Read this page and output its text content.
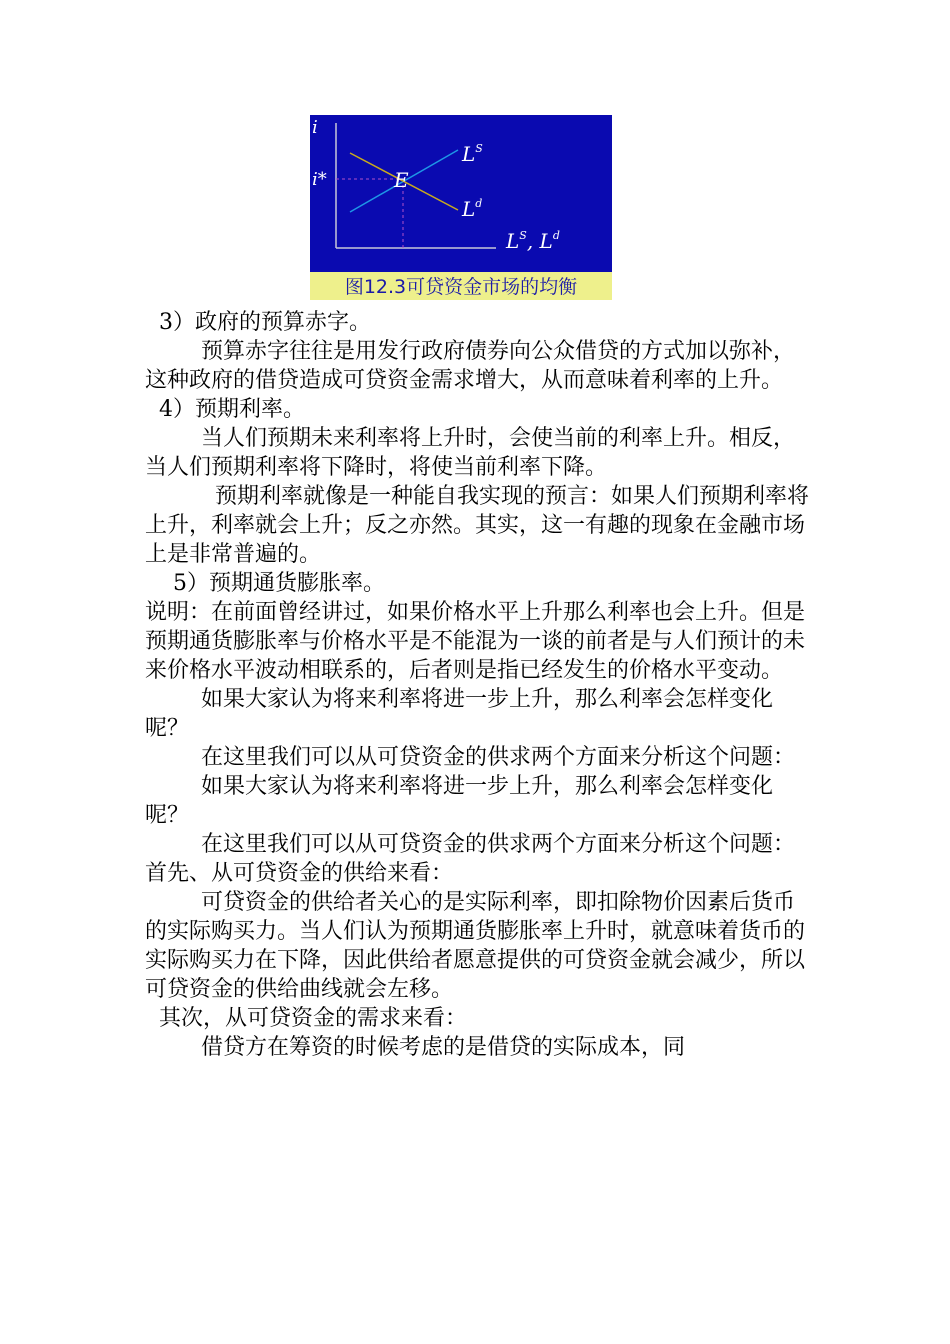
i
i*	E
$L^S$
$L^d$
$L^S$, $L^d$
图12.3可贷资金市场的均衡

3）政府的预算赤字。

预算赤字往往是用发行政府债券向公众借贷的方式加以弥补，这种政府的借贷造成可贷资金需求增大，从而意味着利率的上升。

4）预期利率。

当人们预期未来利率将上升时，会使当前的利率上升。相反，当人们预期利率将下降时，将使当前利率下降。

预期利率就像是一种能自我实现的预言：如果人们预期利率将上升，利率就会上升；反之亦然。其实，这一有趣的现象在金融市场上是非常普遍的。

5）预期通货膨胀率。

说明：在前面曾经讲过，如果价格水平上升那么利率也会上升。但是预期通货膨胀率与价格水平是不能混为一谈的前者是与人们预计的未来价格水平波动相联系的，后者则是指已经发生的价格水平变动。

如果大家认为将来利率将进一步上升，那么利率会怎样变化呢？

在这里我们可以从可贷资金的供求两个方面来分析这个问题：

如果大家认为将来利率将进一步上升，那么利率会怎样变化呢？

在这里我们可以从可贷资金的供求两个方面来分析这个问题：

首先、从可贷资金的供给来看：

可贷资金的供给者关心的是实际利率，即扣除物价因素后货币的实际购买力。当人们认为预期通货膨胀率上升时，就意味着货币的实际购买力在下降，因此供给者愿意提供的可贷资金就会减少，所以可贷资金的供给曲线就会左移。

其次，从可贷资金的需求来看：

借贷方在筹资的时候考虑的是借贷的实际成本，同
